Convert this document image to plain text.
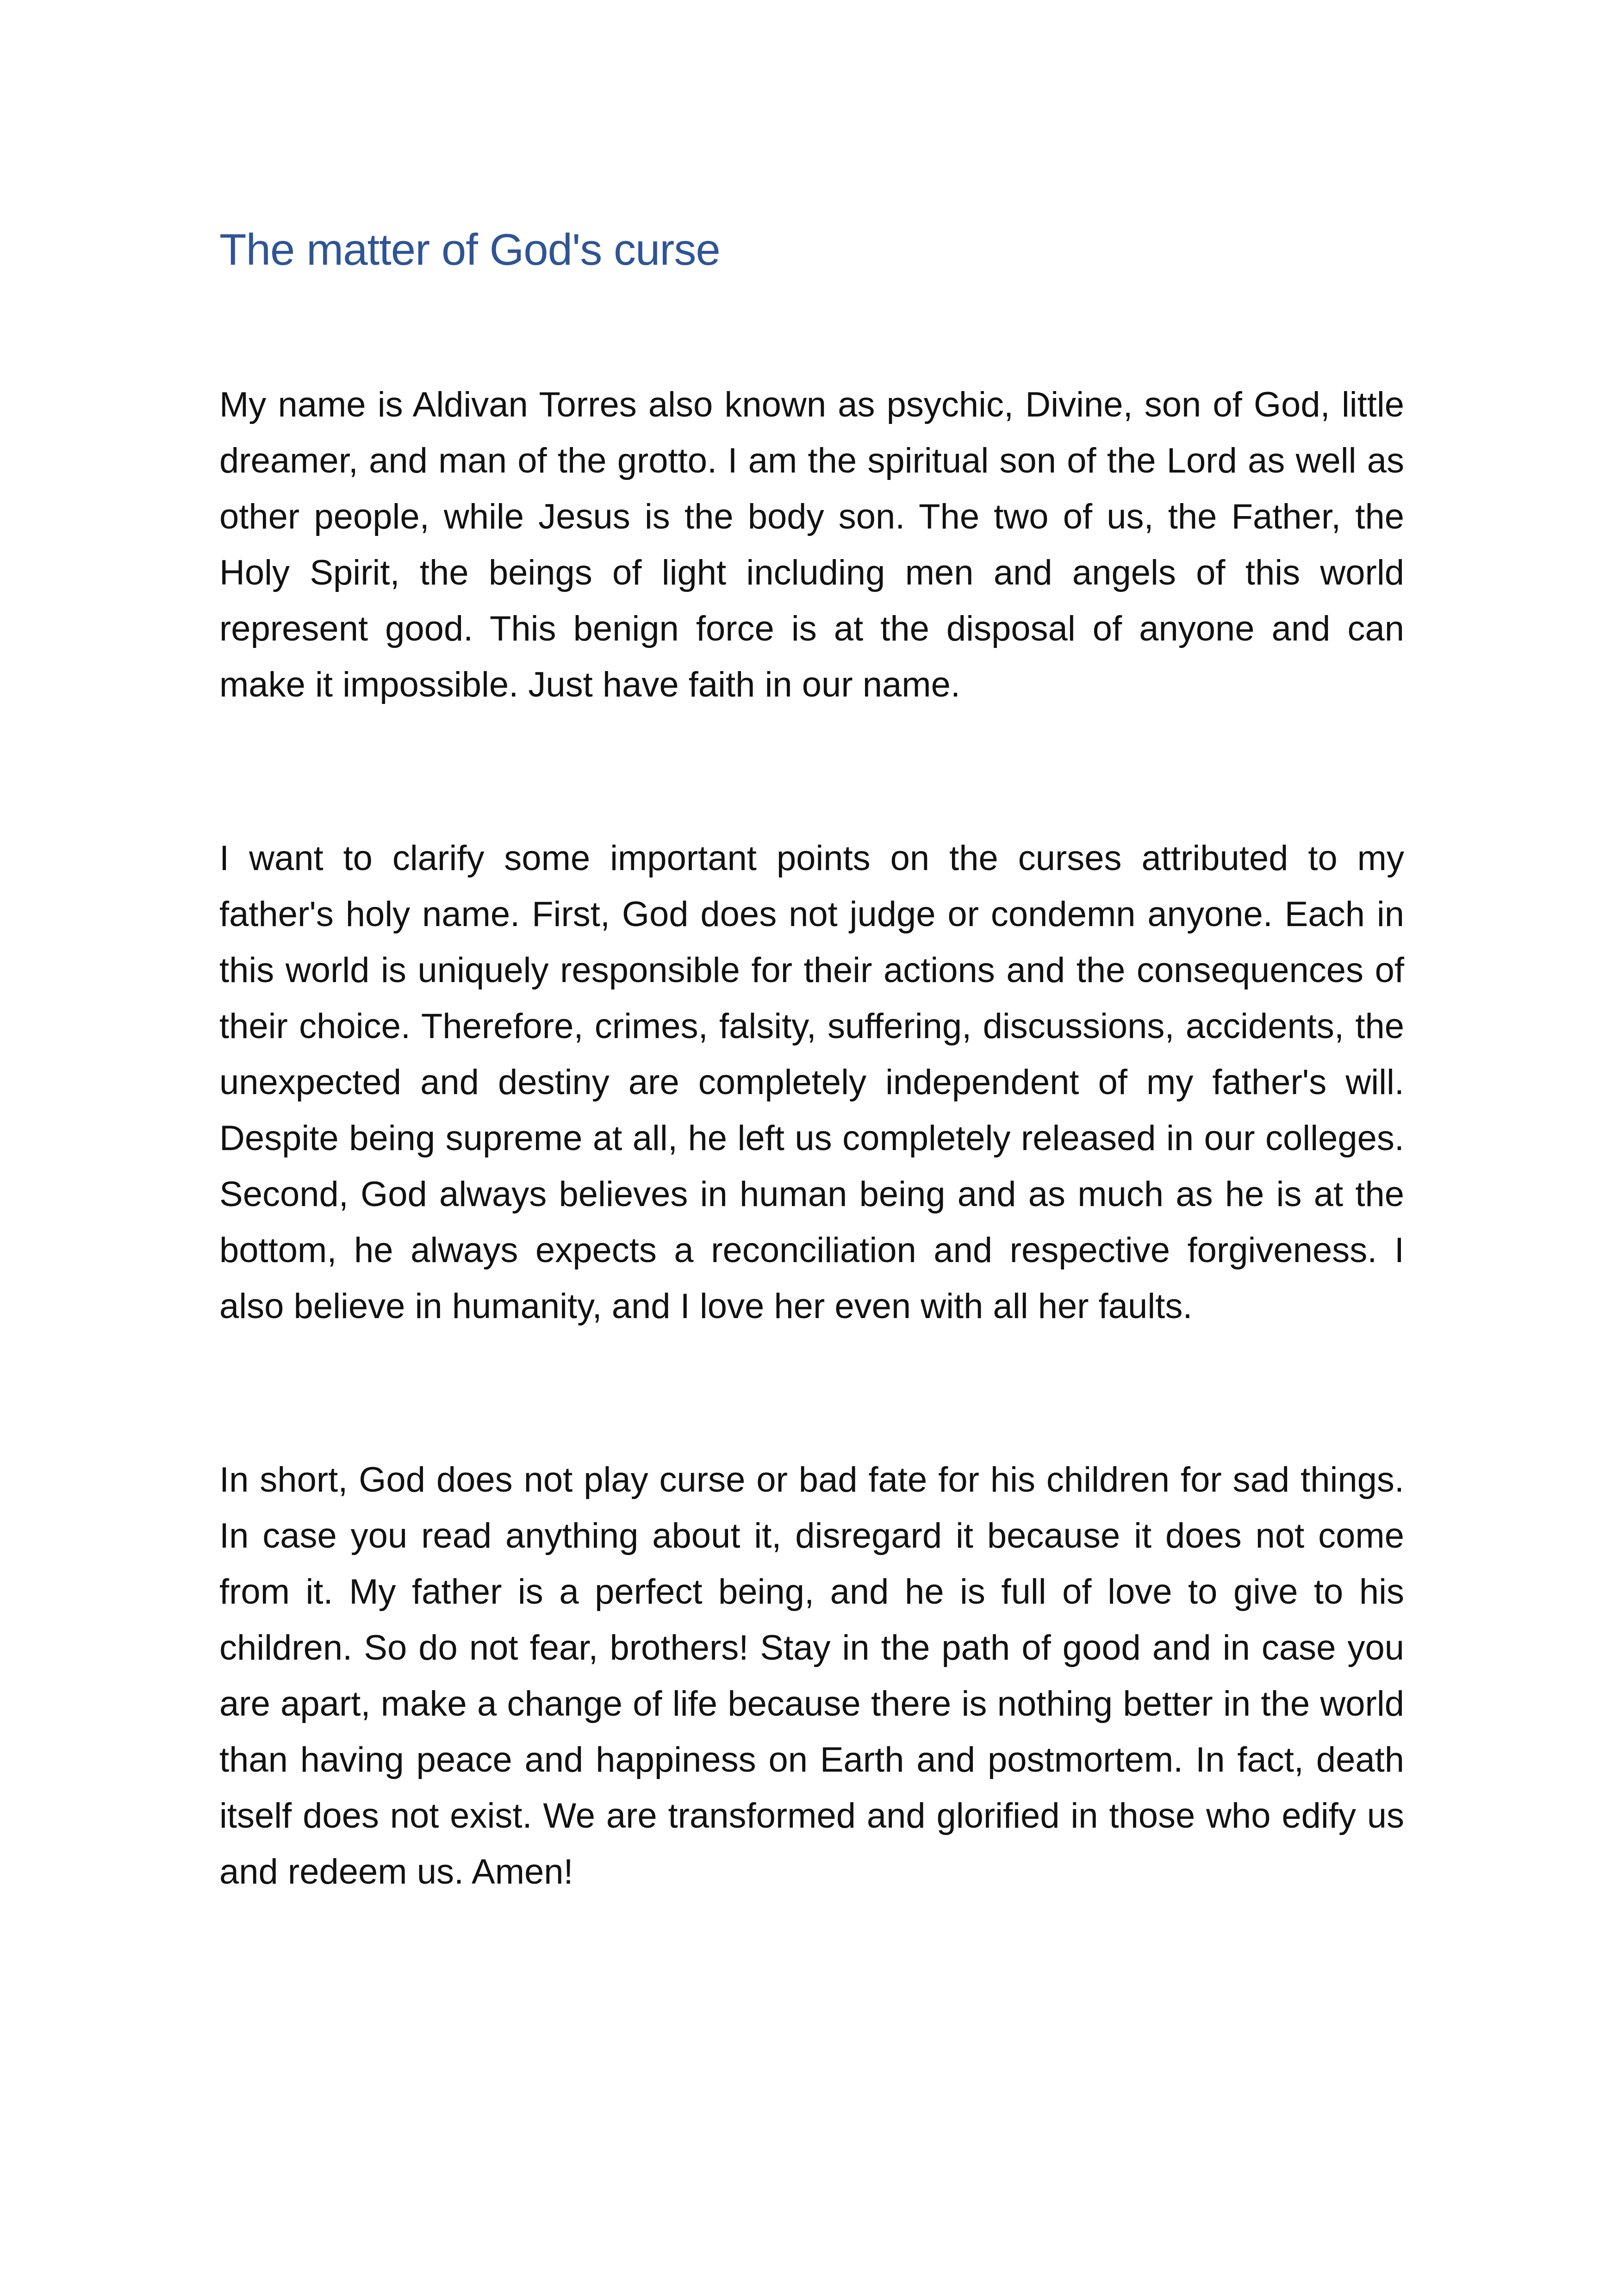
The matter of God's curse

My name is Aldivan Torres also known as psychic, Divine, son of God, little dreamer, and man of the grotto. I am the spiritual son of the Lord as well as other people, while Jesus is the body son. The two of us, the Father, the Holy Spirit, the beings of light including men and angels of this world represent good. This benign force is at the disposal of anyone and can make it impossible. Just have faith in our name.

I want to clarify some important points on the curses attributed to my father's holy name. First, God does not judge or condemn anyone. Each in this world is uniquely responsible for their actions and the consequences of their choice. Therefore, crimes, falsity, suffering, discussions, accidents, the unexpected and destiny are completely independent of my father's will. Despite being supreme at all, he left us completely released in our colleges. Second, God always believes in human being and as much as he is at the bottom, he always expects a reconciliation and respective forgiveness. I also believe in humanity, and I love her even with all her faults.

In short, God does not play curse or bad fate for his children for sad things. In case you read anything about it, disregard it because it does not come from it. My father is a perfect being, and he is full of love to give to his children. So do not fear, brothers! Stay in the path of good and in case you are apart, make a change of life because there is nothing better in the world than having peace and happiness on Earth and postmortem. In fact, death itself does not exist. We are transformed and glorified in those who edify us and redeem us. Amen!
